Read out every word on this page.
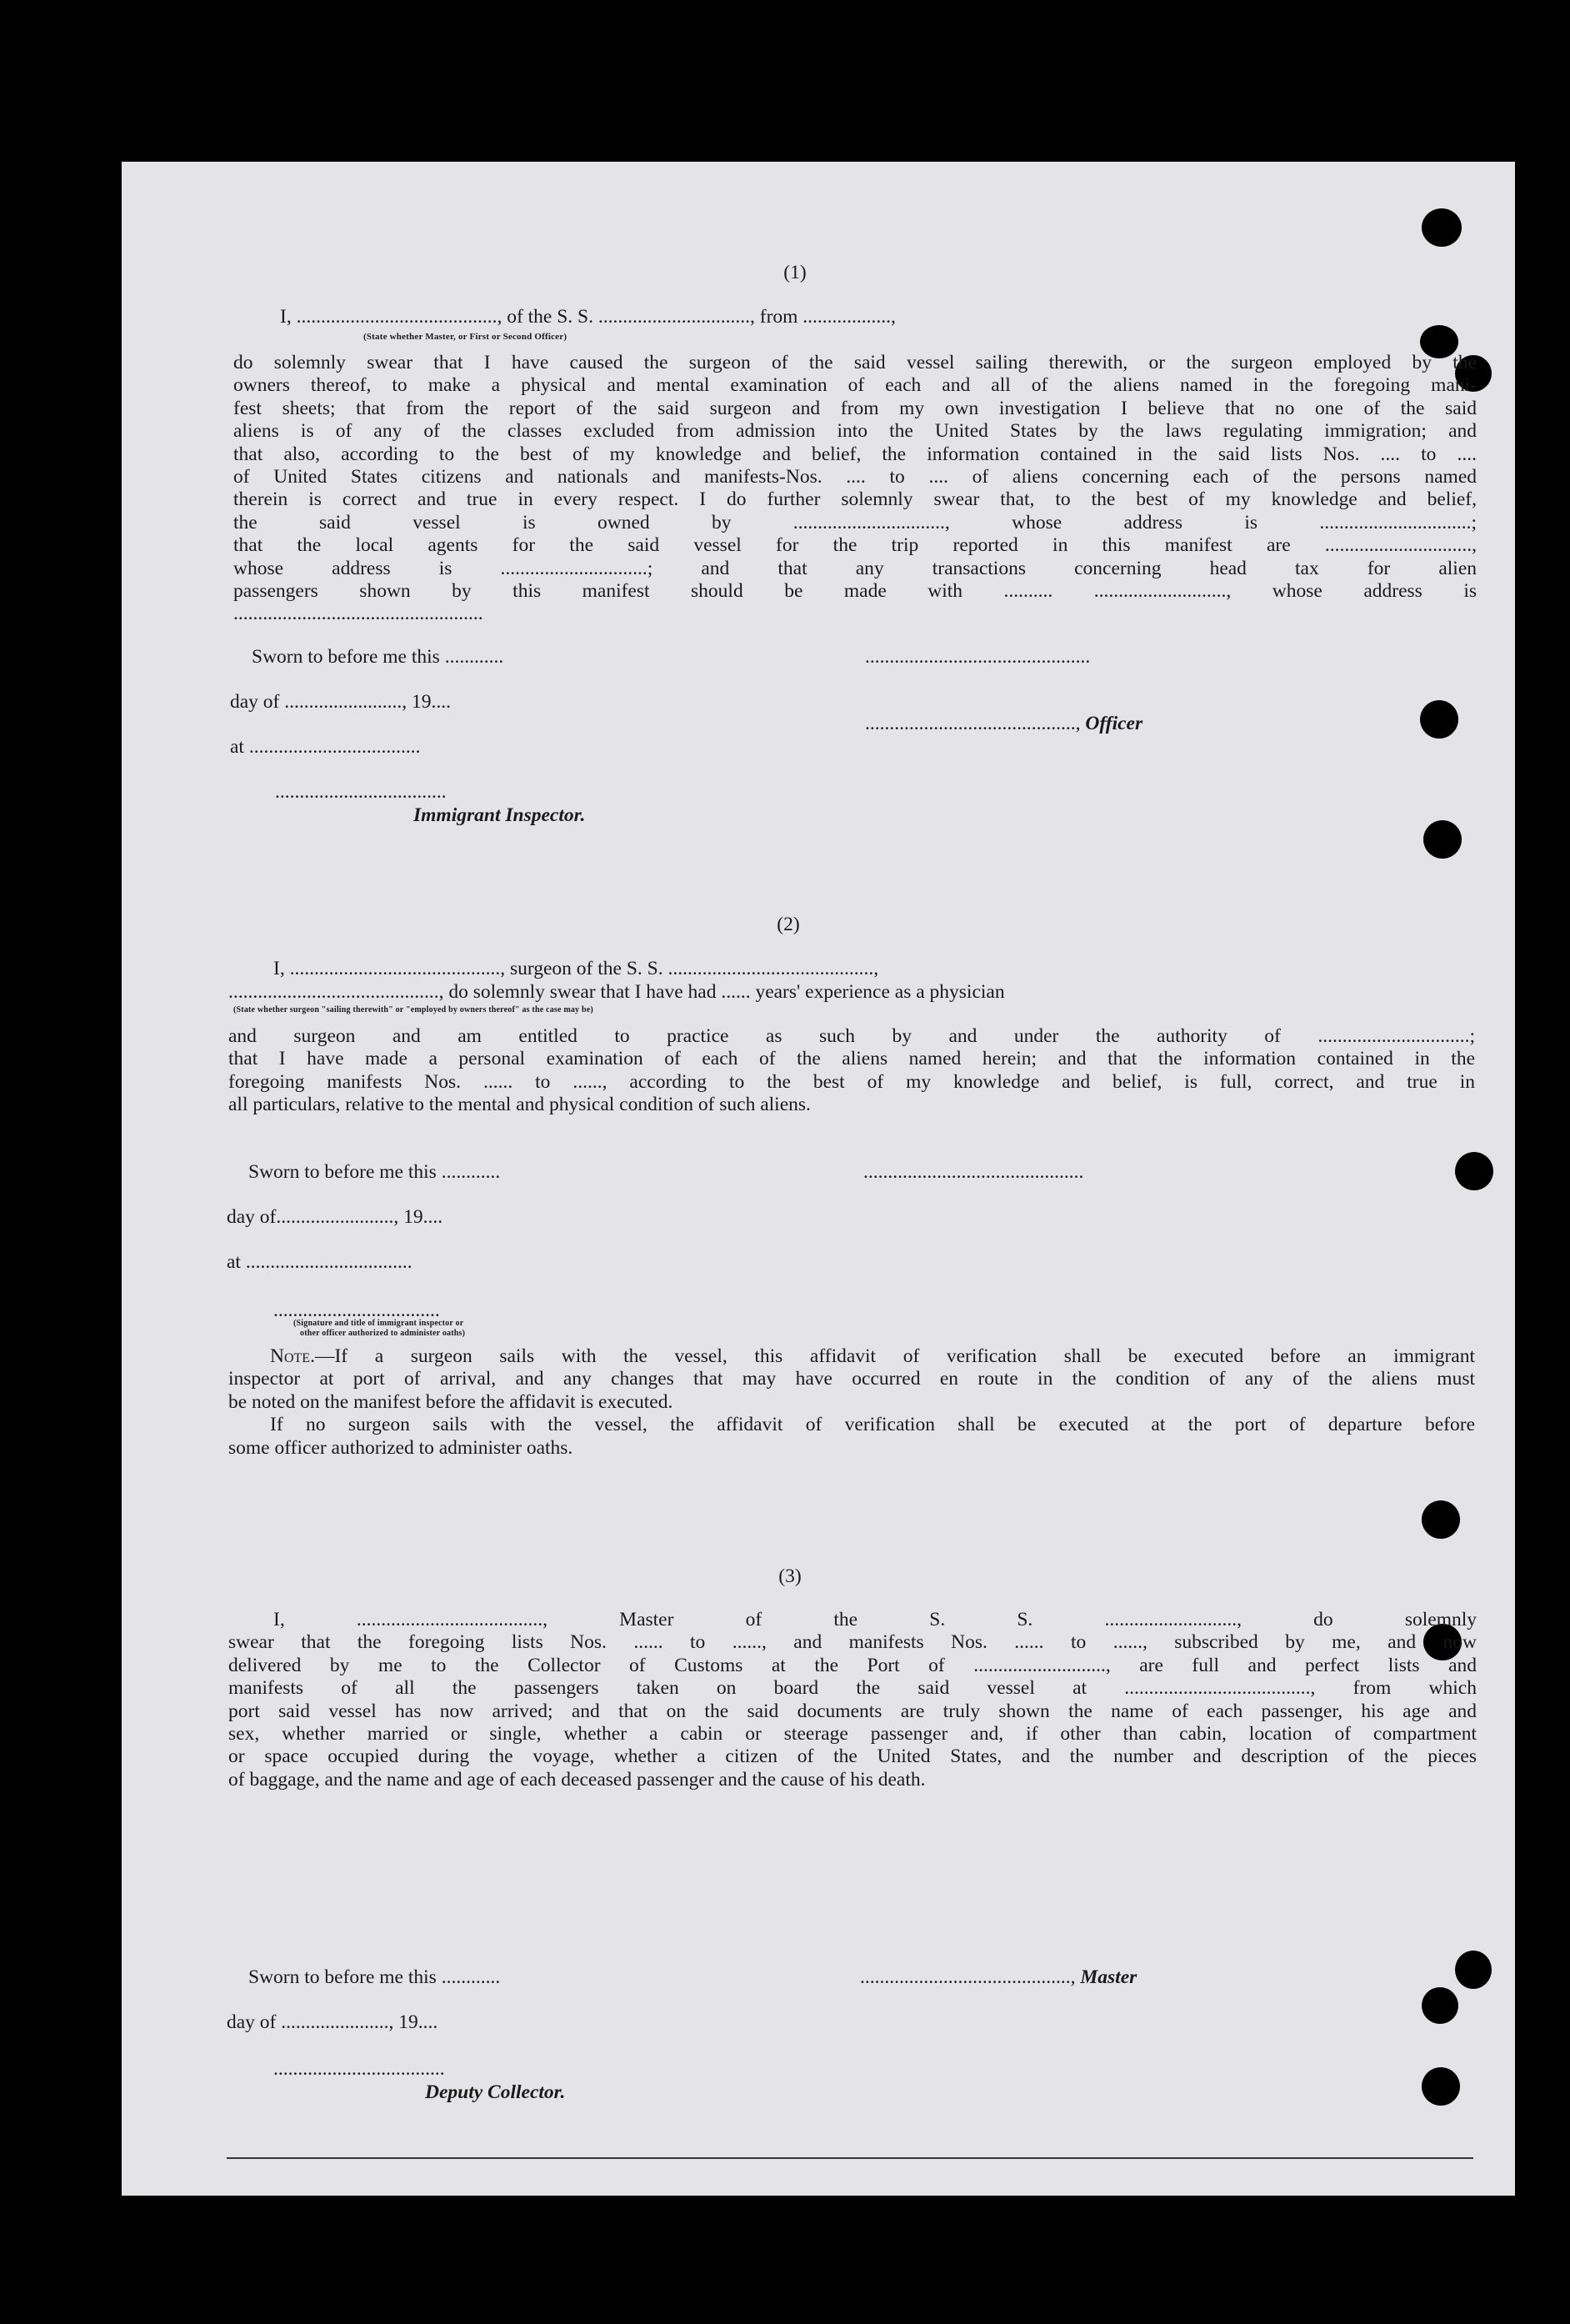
(1)
I, ........................................., of the S. S. ..............................., from ..................,
(State whether Master, or First or Second Officer)
do solemnly swear that I have caused the surgeon of the said vessel sailing therewith, or the surgeon employed by the
owners thereof, to make a physical and mental examination of each and all of the aliens named in the foregoing mani-
fest sheets; that from the report of the said surgeon and from my own investigation I believe that no one of the said
aliens is of any of the classes excluded from admission into the United States by the laws regulating immigration; and
that also, according to the best of my knowledge and belief, the information contained in the said lists Nos. .... to ....
of United States citizens and nationals and manifests-Nos. .... to .... of aliens concerning each of the persons named
therein is correct and true in every respect. I do further solemnly swear that, to the best of my knowledge and belief,
the said vessel is owned by ..............................., whose address is ...............................;
that the local agents for the said vessel for the trip reported in this manifest are ..............................,
whose address is ..............................; and that any transactions concerning head tax for alien
passengers shown by this manifest should be made with .......... ..........................., whose address is
...................................................
Sworn to before me this ............	..............................................
day of ........................, 19....
..........................................., Officer
at ...................................
...................................
Immigrant Inspector.
(2)
I, ..........................................., surgeon of the S. S. ..........................................,
..........................................., do solemnly swear that I have had ...... years' experience as a physician
(State whether surgeon "sailing therewith" or "employed by owners thereof" as the case may be)
and surgeon and am entitled to practice as such by and under the authority of ...............................;
that I have made a personal examination of each of the aliens named herein; and that the information contained in the
foregoing manifests Nos. ...... to ......, according to the best of my knowledge and belief, is full, correct, and true in
all particulars, relative to the mental and physical condition of such aliens.
Sworn to before me this ............	.............................................
day of........................, 19....
at ..................................
..................................
(Signature and title of immigrant inspector or
other officer authorized to administer oaths)
Note.—If a surgeon sails with the vessel, this affidavit of verification shall be executed before an immigrant
inspector at port of arrival, and any changes that may have occurred en route in the condition of any of the aliens must
be noted on the manifest before the affidavit is executed.
If no surgeon sails with the vessel, the affidavit of verification shall be executed at the port of departure before
some officer authorized to administer oaths.
(3)
I, ......................................, Master of the S. S. ..........................., do solemnly
swear that the foregoing lists Nos. ...... to ......, and manifests Nos. ...... to ......, subscribed by me, and now
delivered by me to the Collector of Customs at the Port of ..........................., are full and perfect lists and
manifests of all the passengers taken on board the said vessel at ......................................, from which
port said vessel has now arrived; and that on the said documents are truly shown the name of each passenger, his age and
sex, whether married or single, whether a cabin or steerage passenger and, if other than cabin, location of compartment
or space occupied during the voyage, whether a citizen of the United States, and the number and description of the pieces
of baggage, and the name and age of each deceased passenger and the cause of his death.
Sworn to before me this ............	..........................................., Master
day of ......................, 19....
...................................
Deputy Collector.
